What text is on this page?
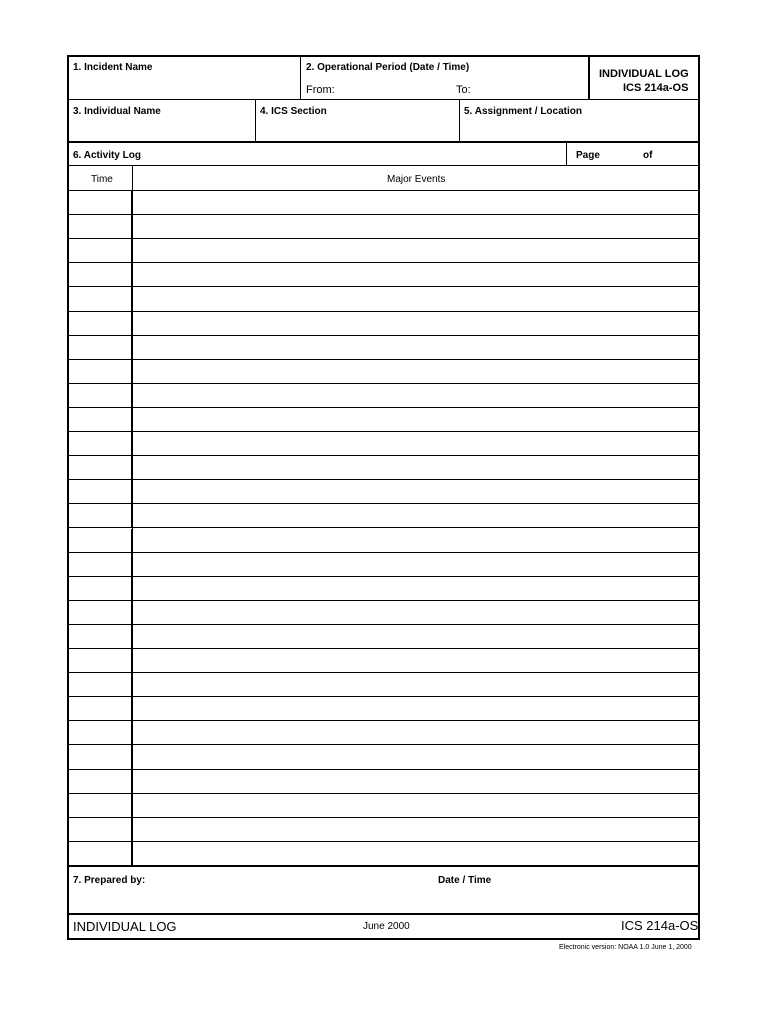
1. Incident Name	2. Operational Period (Date / Time)
From:	To:
INDIVIDUAL LOG
ICS 214a-OS
3. Individual Name	4. ICS Section	5. Assignment / Location
6. Activity Log	Page	of
Time	Major Events
7. Prepared by:	Date / Time
INDIVIDUAL LOG	June 2000	ICS 214a-OS
Electronic version: NOAA 1.0 June 1, 2000
